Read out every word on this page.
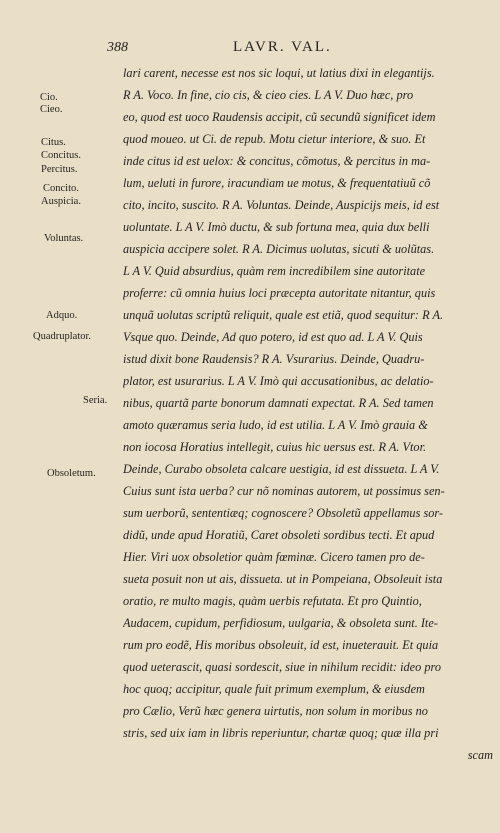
388	LAVR. VAL.
Cio.
Cieo.
Citus.
Concitus.
Percitus.
Concito.
Auspicia.
Voluntas.
Adquo.
Quadruplator.
Seria.
Obsoletum.
lari carent, necesse est nos sic loqui, ut latius dixi in elegantijs.
R A. Voco. In fine, cio cis, & cieo cies. L A V. Duo hæc, pro
eo, quod est uoco Raudensis accipit, cũ secundũ significet idem
quod moueo. ut Ci. de repub. Motu cietur interiore, & suo. Et
inde citus id est uelox: & concitus, cõmotus, & percitus in ma-
lum, ueluti in furore, iracundiam ue motus, & frequentatiuũ cõ
cito, incito, suscito. R A. Voluntas. Deinde, Auspicijs meis, id est
uoluntate. L A V. Imò ductu, & sub fortuna mea, quia dux belli
auspicia accipere solet. R A. Dicimus uolutas, sicuti & uolũtas.
L A V. Quid absurdius, quàm rem incredibilem sine autoritate
proferre: cũ omnia huius loci præcepta autoritate nitantur, quis
unquã uolutas scriptũ reliquit, quale est etiã, quod sequitur: R A.
Vsque quo. Deinde, Ad quo potero, id est quo ad. L A V. Quis
istud dixit bone Raudensis? R A. Vsurarius. Deinde, Quadru-
plator, est usurarius. L A V. Imò qui accusationibus, ac delatio-
nibus, quartã parte bonorum damnati expectat. R A. Sed tamen
amoto quæramus seria ludo, id est utilia. L A V. Imò grauia &
non iocosa Horatius intellegit, cuius hic uersus est. R A. Vtor.
Deinde, Curabo obsoleta calcare uestigia, id est dissueta. L A V.
Cuius sunt ista uerba? cur nõ nominas autorem, ut possimus sen-
sum uerborũ, sententiæq; cognoscere? Obsoletũ appellamus sor-
didũ, unde apud Horatiũ, Caret obsoleti sordibus tecti. Et apud
Hier. Viri uox obsoletior quàm fœminæ. Cicero tamen pro de-
sueta posuit non ut ais, dissueta. ut in Pompeiana, Obsoleuit ista
oratio, re multo magis, quàm uerbis refutata. Et pro Quintio,
Audacem, cupidum, perfidiosum, uulgaria, & obsoleta sunt. Ite-
rum pro eodẽ, His moribus obsoleuit, id est, inueterauit. Et quia
quod ueterascit, quasi sordescit, siue in nihilum recidit: ideo pro
hoc quoq; accipitur, quale fuit primum exemplum, & eiusdem
pro Cælio, Verũ hæc genera uirtutis, non solum in moribus no
stris, sed uix iam in libris reperiuntur, chartæ quoq; quæ illa pri
scam
